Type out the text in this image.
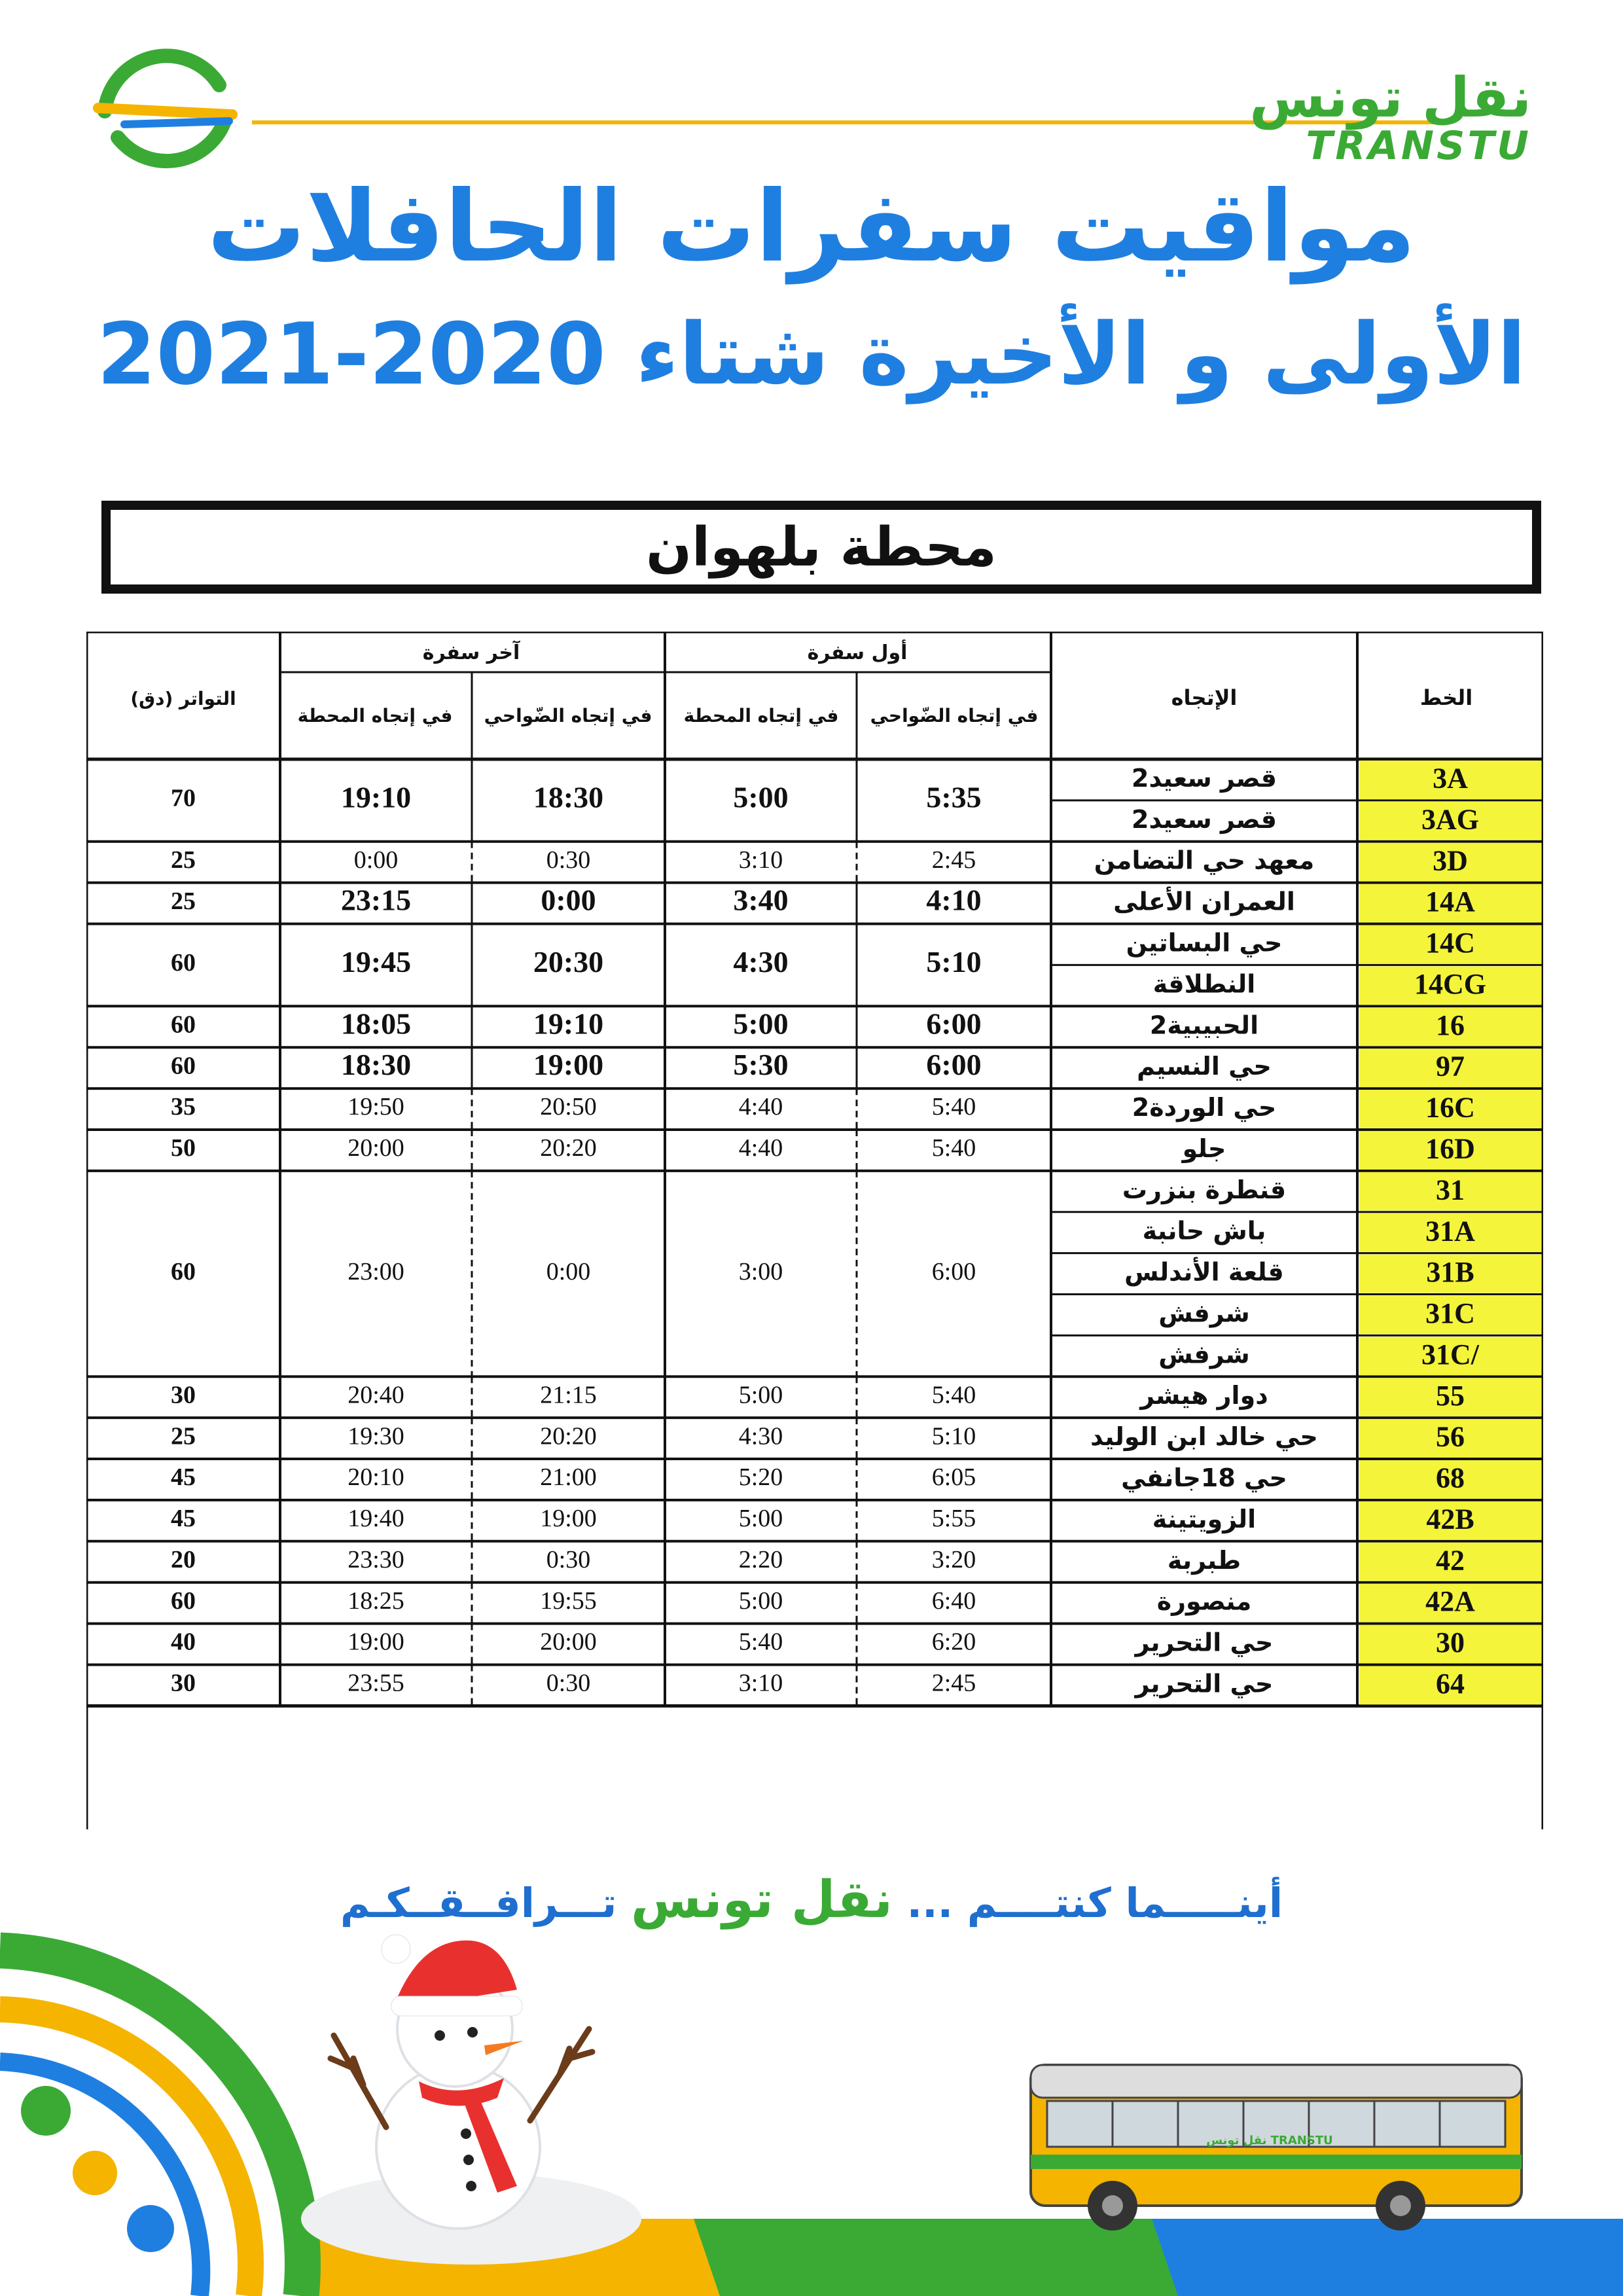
نقل تونس
TRANSTU
مواقيت سفرات الحافلات
الأولى و الأخيرة شتاء 2020-2021
محطة بلهوان
الخط
الإتجاه
أول سفرة
آخر سفرة
في إتجاه الضّواحي
في إتجاه المحطة
في إتجاه الضّواحي
في إتجاه المحطة
التواتر (دق)
3A
قصر سعيد2
3AG
قصر سعيد2
5:35
5:00
18:30
19:10
70
3D
معهد حي التضامن
2:45
3:10
0:30
0:00
25
14A
العمران الأعلى
4:10
3:40
0:00
23:15
25
14C
حي البساتين
14CG
النطلاقة
5:10
4:30
20:30
19:45
60
16
الحبيبية2
6:00
5:00
19:10
18:05
60
97
حي النسيم
6:00
5:30
19:00
18:30
60
16C
حي الوردة2
5:40
4:40
20:50
19:50
35
16D
جلو
5:40
4:40
20:20
20:00
50
31
قنطرة بنزرت
31A
باش حانبة
31B
قلعة الأندلس
31C
شرفش
31C/
شرفش
6:00
3:00
0:00
23:00
60
55
دوار هيشر
5:40
5:00
21:15
20:40
30
56
حي خالد ابن الوليد
5:10
4:30
20:20
19:30
25
68
حي 18جانفي
6:05
5:20
21:00
20:10
45
42B
الزويتينة
5:55
5:00
19:00
19:40
45
42
طبربة
3:20
2:20
0:30
23:30
20
42A
منصورة
6:40
5:00
19:55
18:25
60
30
حي التحرير
6:20
5:40
20:00
19:00
40
64
حي التحرير
2:45
3:10
0:30
23:55
30
أينـــــما كنتــــم ... نقل تونس تـــرافــقــكـم
نقل تونس TRANSTU
